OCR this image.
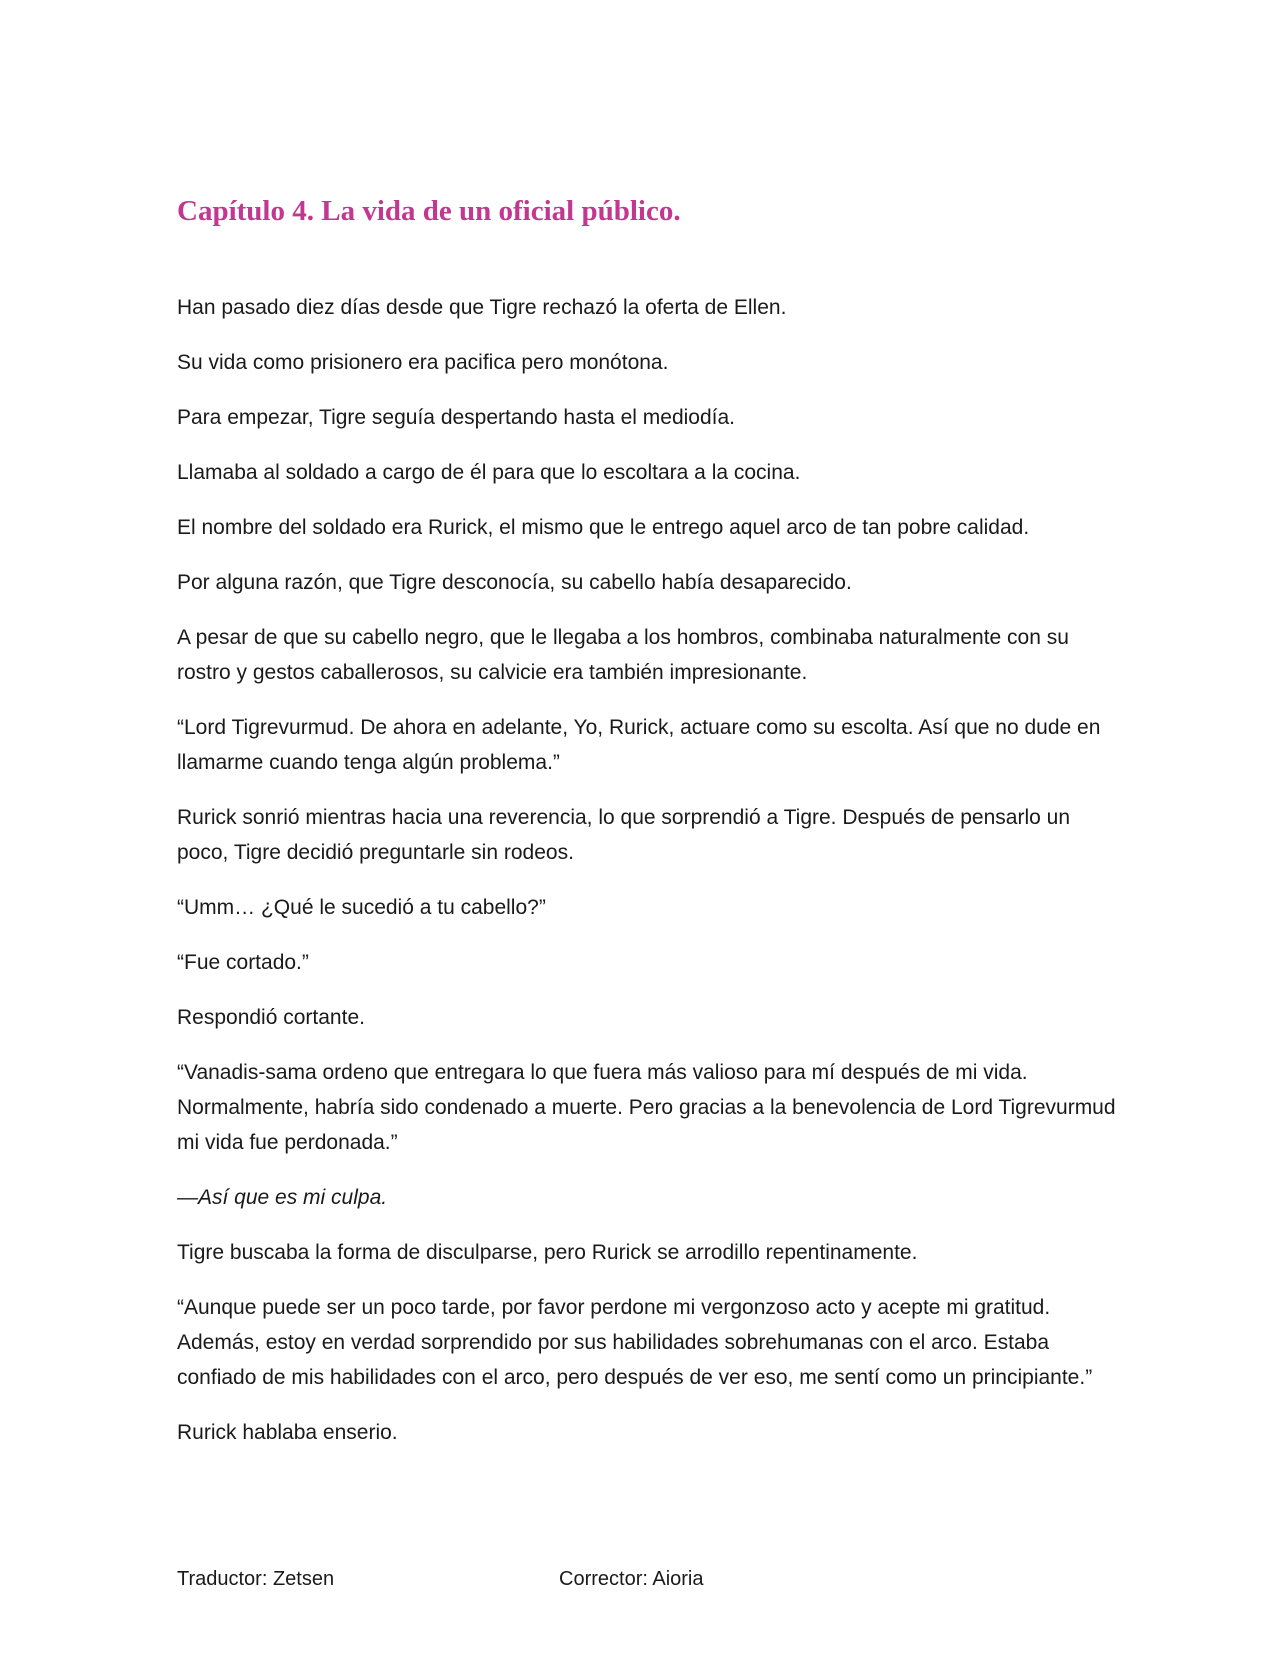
Capítulo 4. La vida de un oficial público.

Han pasado diez días desde que Tigre rechazó la oferta de Ellen.

Su vida como prisionero era pacifica pero monótona.

Para empezar, Tigre seguía despertando hasta el mediodía.

Llamaba al soldado a cargo de él para que lo escoltara a la cocina.

El nombre del soldado era Rurick, el mismo que le entrego aquel arco de tan pobre calidad.

Por alguna razón, que Tigre desconocía, su cabello había desaparecido.

A pesar de que su cabello negro, que le llegaba a los hombros, combinaba naturalmente con su rostro y gestos caballerosos, su calvicie era también impresionante.

“Lord Tigrevurmud. De ahora en adelante, Yo, Rurick, actuare como su escolta. Así que no dude en llamarme cuando tenga algún problema.”

Rurick sonrió mientras hacia una reverencia, lo que sorprendió a Tigre. Después de pensarlo un poco, Tigre decidió preguntarle sin rodeos.

“Umm… ¿Qué le sucedió a tu cabello?”

“Fue cortado.”

Respondió cortante.

“Vanadis-sama ordeno que entregara lo que fuera más valioso para mí después de mi vida. Normalmente, habría sido condenado a muerte. Pero gracias a la benevolencia de Lord Tigrevurmud mi vida fue perdonada.”

—Así que es mi culpa.

Tigre buscaba la forma de disculparse, pero Rurick se arrodillo repentinamente.

“Aunque puede ser un poco tarde, por favor perdone mi vergonzoso acto y acepte mi gratitud. Además, estoy en verdad sorprendido por sus habilidades sobrehumanas con el arco. Estaba confiado de mis habilidades con el arco, pero después de ver eso, me sentí como un principiante.”

Rurick hablaba enserio.

Traductor: Zetsen	Corrector: Aioria
